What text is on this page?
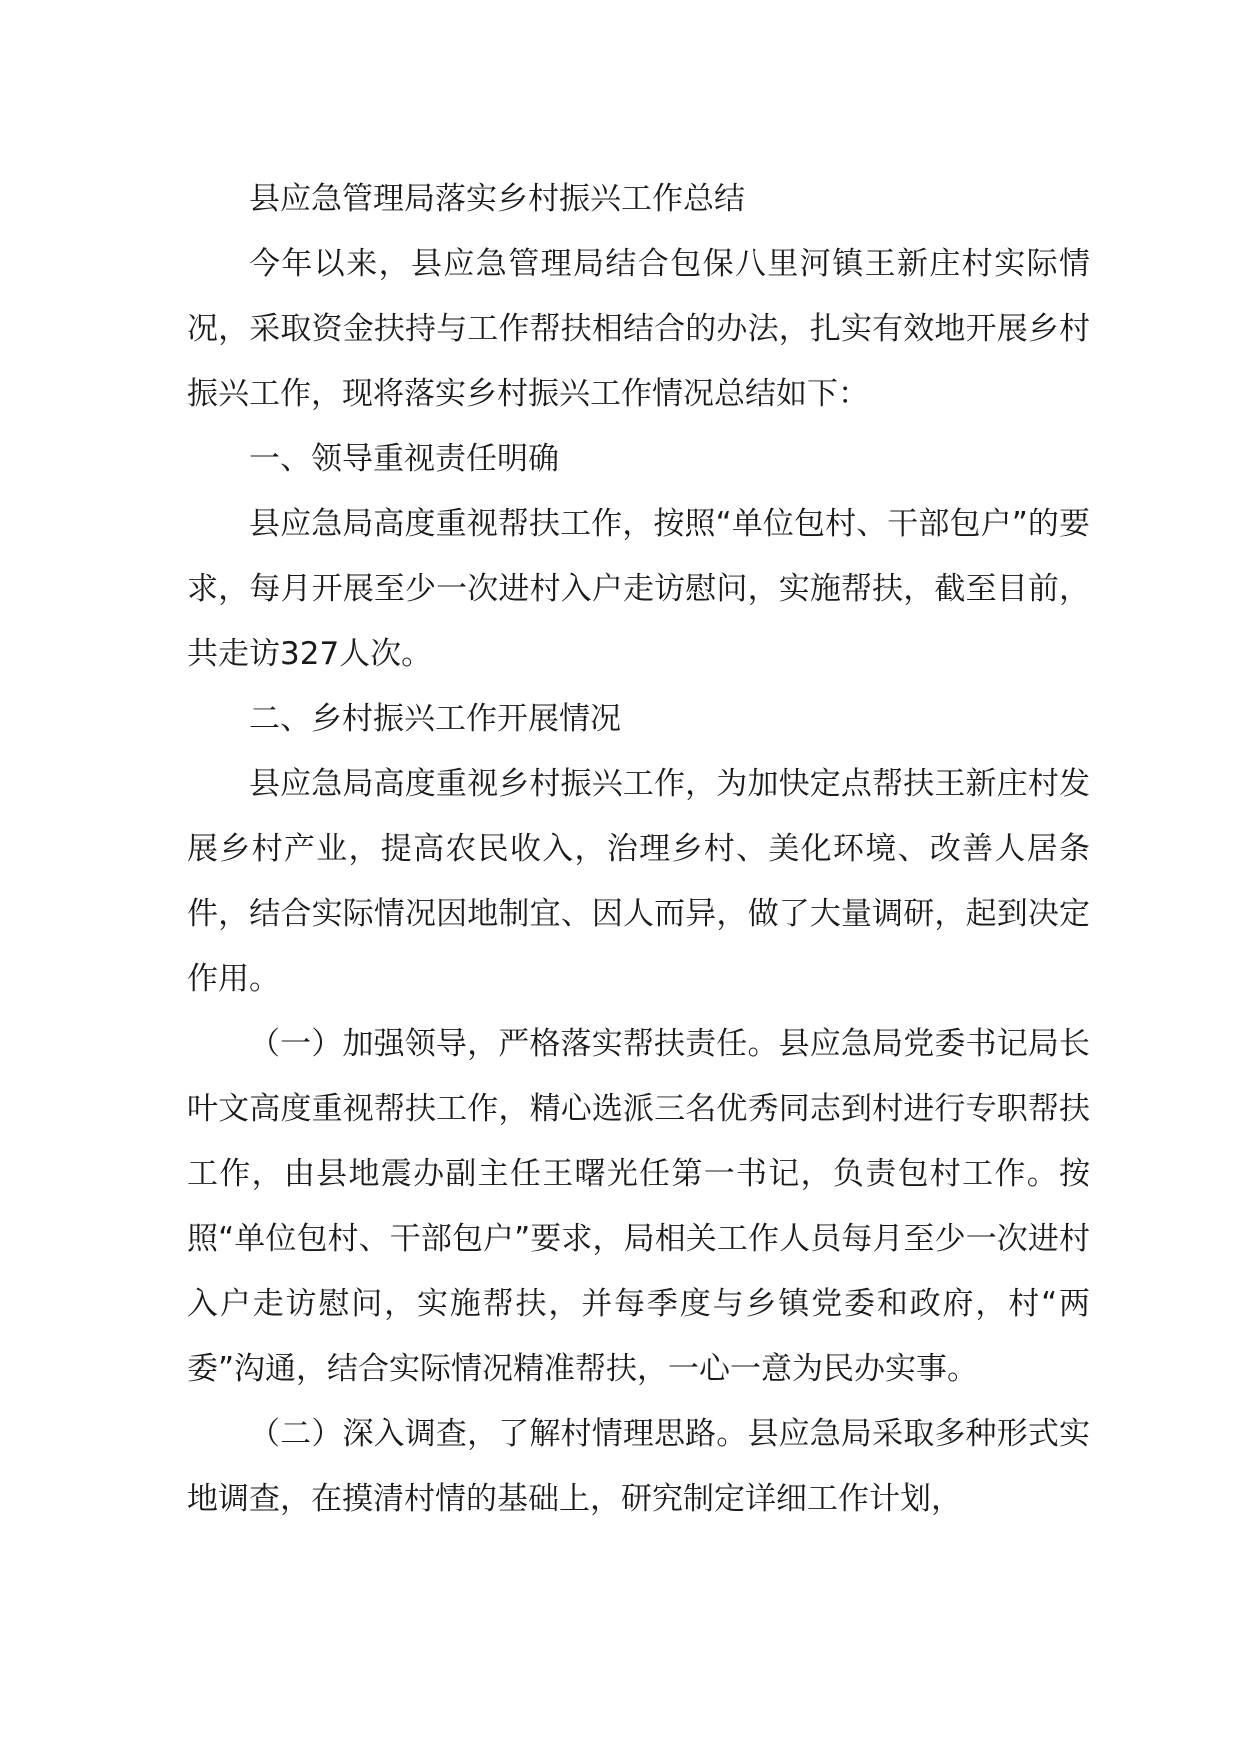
县应急管理局落实乡村振兴工作总结

今年以来，县应急管理局结合包保八里河镇王新庄村实际情况，采取资金扶持与工作帮扶相结合的办法，扎实有效地开展乡村振兴工作，现将落实乡村振兴工作情况总结如下：

一、领导重视责任明确

县应急局高度重视帮扶工作，按照“单位包村、干部包户”的要求，每月开展至少一次进村入户走访慰问，实施帮扶，截至目前，共走访327人次。

二、乡村振兴工作开展情况

县应急局高度重视乡村振兴工作，为加快定点帮扶王新庄村发展乡村产业，提高农民收入，治理乡村、美化环境、改善人居条件，结合实际情况因地制宜、因人而异，做了大量调研，起到决定作用。

（一）加强领导，严格落实帮扶责任。县应急局党委书记局长叶文高度重视帮扶工作，精心选派三名优秀同志到村进行专职帮扶工作，由县地震办副主任王曙光任第一书记，负责包村工作。按照“单位包村、干部包户”要求，局相关工作人员每月至少一次进村入户走访慰问，实施帮扶，并每季度与乡镇党委和政府，村“两委”沟通，结合实际情况精准帮扶，一心一意为民办实事。

（二）深入调查，了解村情理思路。县应急局采取多种形式实地调查，在摸清村情的基础上，研究制定详细工作计划，
